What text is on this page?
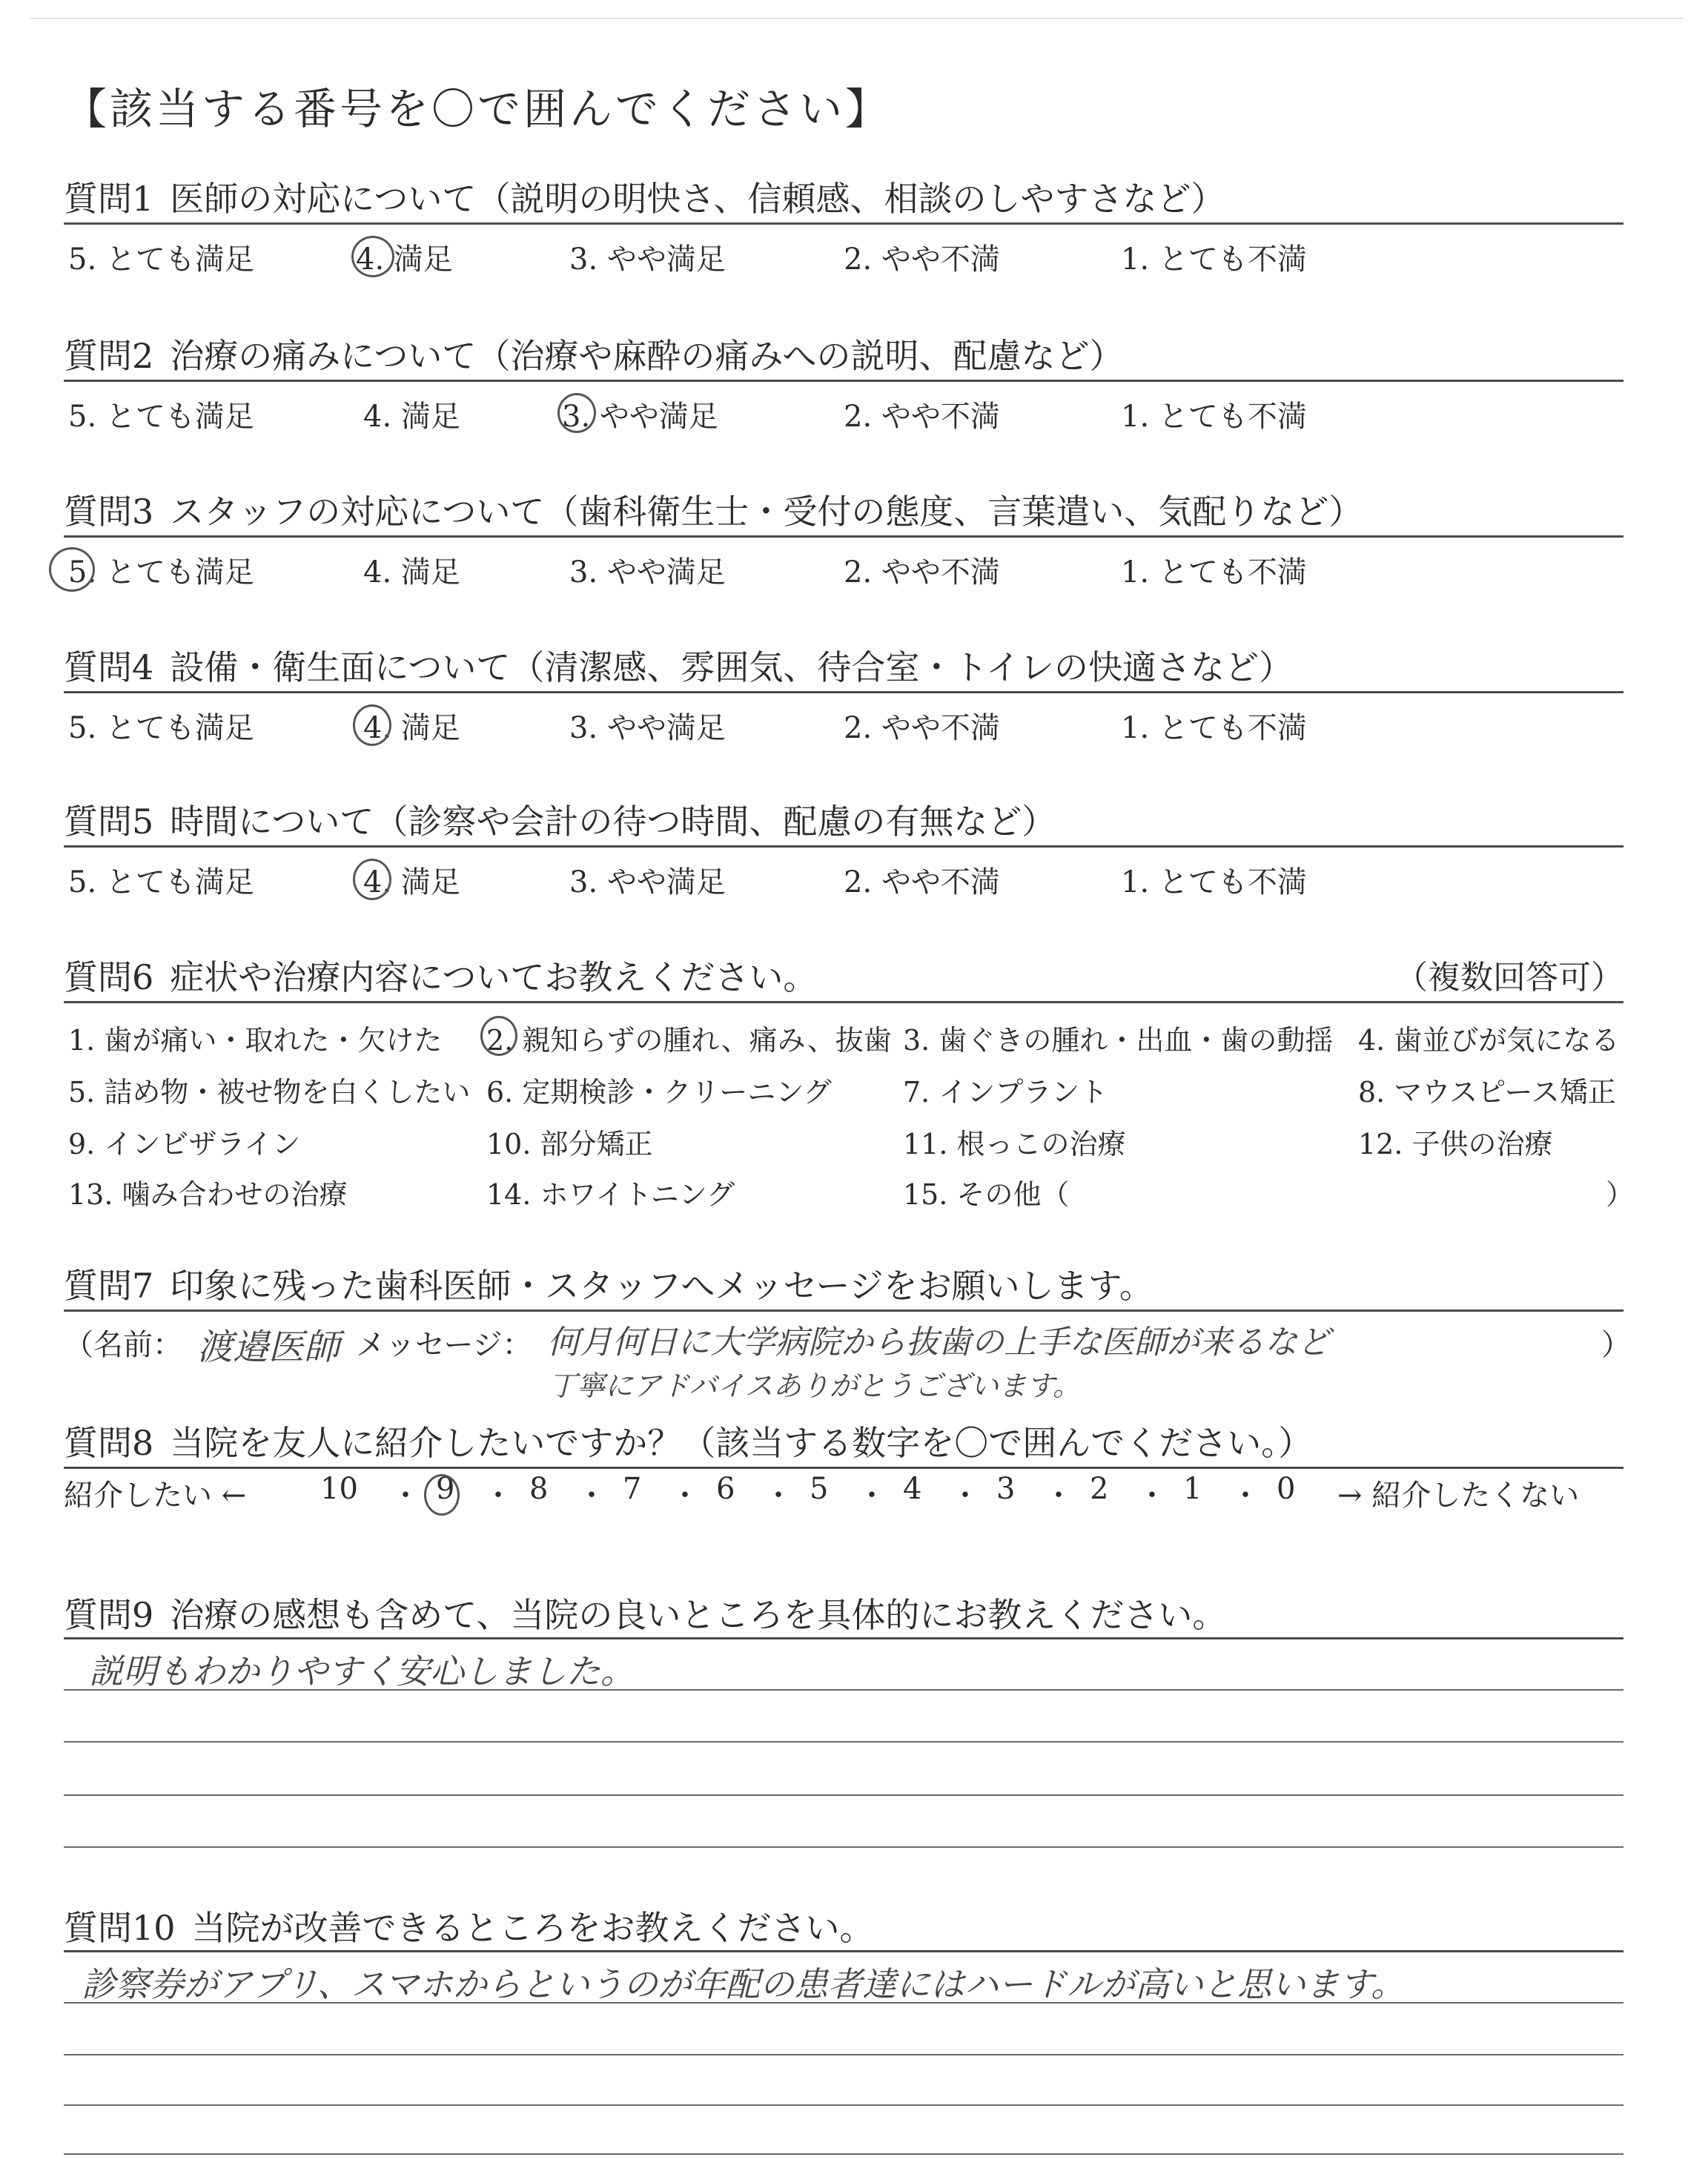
【該当する番号を〇で囲んでください】
質問1 医師の対応について（説明の明快さ、信頼感、相談のしやすさなど）
5. とても満足	4. 満足	3. やや満足	2. やや不満	1. とても不満
質問2 治療の痛みについて（治療や麻酔の痛みへの説明、配慮など）
5. とても満足	4. 満足	3. やや満足	2. やや不満	1. とても不満
質問3 スタッフの対応について（歯科衛生士・受付の態度、言葉遣い、気配りなど）
5. とても満足	4. 満足	3. やや満足	2. やや不満	1. とても不満
質問4 設備・衛生面について（清潔感、雰囲気、待合室・トイレの快適さなど）
5. とても満足	4. 満足	3. やや満足	2. やや不満	1. とても不満
質問5 時間について（診察や会計の待つ時間、配慮の有無など）
5. とても満足	4. 満足	3. やや満足	2. やや不満	1. とても不満
質問6 症状や治療内容についてお教えください。	（複数回答可）
1. 歯が痛い・取れた・欠けた 2. 親知らずの腫れ、痛み、抜歯 3. 歯ぐきの腫れ・出血・歯の動揺 4. 歯並びが気になる
5. 詰め物・被せ物を白くしたい 6. 定期検診・クリーニング	7. インプラント	8. マウスピース矯正
9. インビザライン	10. 部分矯正	11. 根っこの治療	12. 子供の治療
13. 噛み合わせの治療	14. ホワイトニング	15. その他（	）
質問7 印象に残った歯科医師・スタッフへメッセージをお願いします。
（名前： 渡邉医師 メッセージ： 何月何日に大学病院から抜歯の上手な医師が来るなど
丁寧にアドバイスありがとうございます。
）
質問8 当院を友人に紹介したいですか？（該当する数字を〇で囲んでください。）
紹介したい ← 10 ・ 9 ・ 8 ・ 7 ・ 6 ・ 5 ・ 4 ・ 3 ・ 2 ・ 1 ・ 0 → 紹介したくない
質問9 治療の感想も含めて、当院の良いところを具体的にお教えください。
説明もわかりやすく安心しました。
質問10 当院が改善できるところをお教えください。
診察券がアプリ、スマホからというのが年配の患者達にはハードルが高いと思います。
